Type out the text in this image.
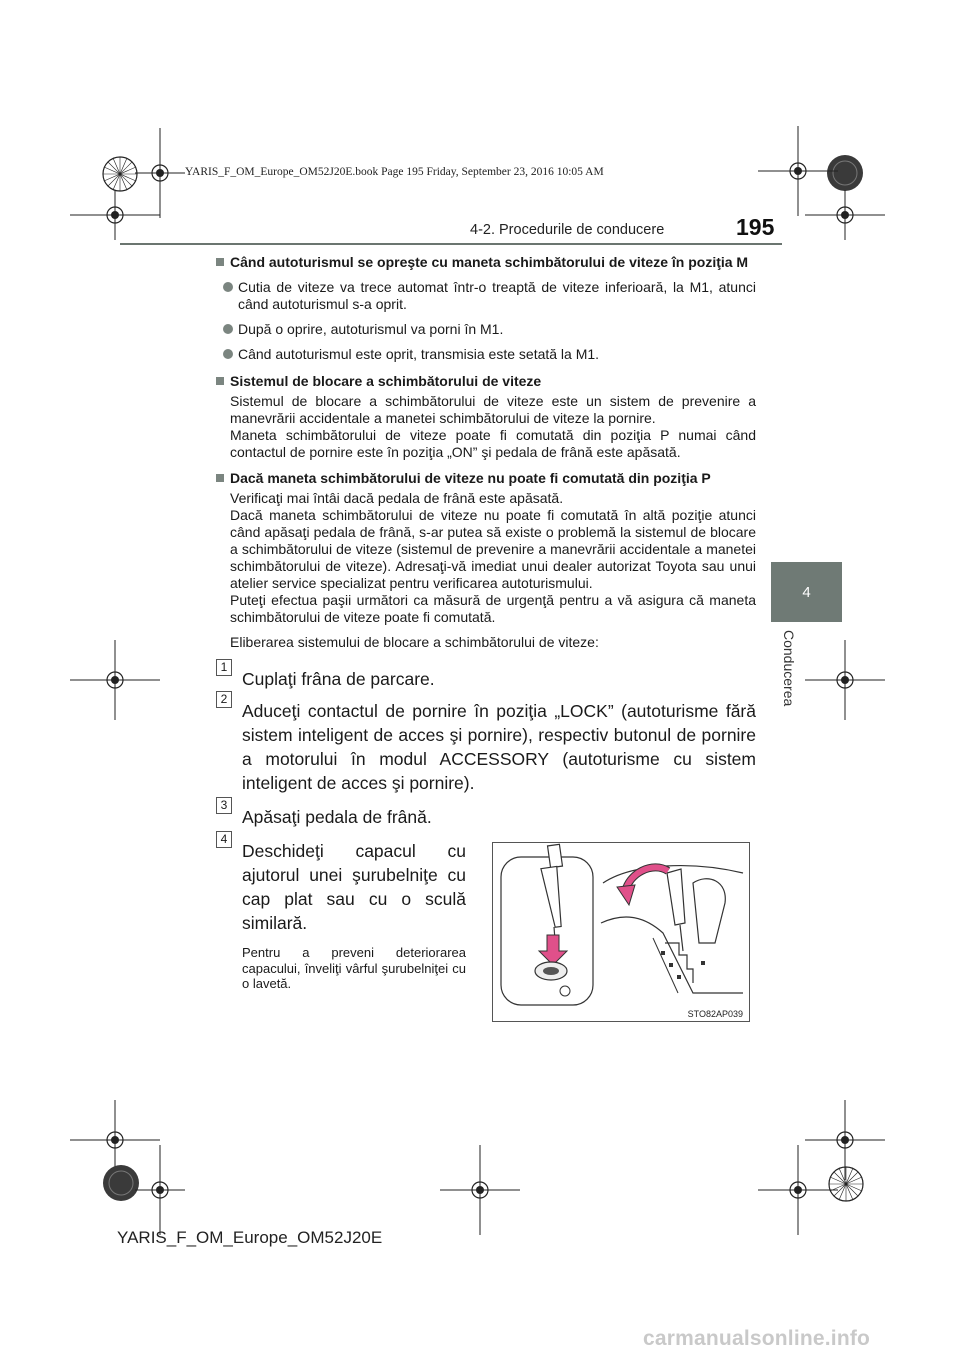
YARIS_F_OM_Europe_OM52J20E.book Page 195 Friday, September 23, 2016 10:05 AM
4-2. Procedurile de conducere	195
4
Conducerea
Când autoturismul se opreşte cu maneta schimbătorului de viteze în poziţia M
Cutia de viteze va trece automat într-o treaptă de viteze inferioară, la M1, atunci când autoturismul s-a oprit.
După o oprire, autoturismul va porni în M1.
Când autoturismul este oprit, transmisia este setată la M1.
Sistemul de blocare a schimbătorului de viteze
Sistemul de blocare a schimbătorului de viteze este un sistem de prevenire a manevrării accidentale a manetei schimbătorului de viteze la pornire.
Maneta schimbătorului de viteze poate fi comutată din poziţia P numai când contactul de pornire este în poziţia „ON” şi pedala de frână este apăsată.
Dacă maneta schimbătorului de viteze nu poate fi comutată din poziţia P
Verificaţi mai întâi dacă pedala de frână este apăsată.
Dacă maneta schimbătorului de viteze nu poate fi comutată în altă poziţie atunci când apăsaţi pedala de frână, s-ar putea să existe o problemă la sistemul de blocare a schimbătorului de viteze (sistemul de prevenire a manevrării accidentale a manetei schimbătorului de viteze). Adresaţi-vă imediat unui dealer autorizat Toyota sau unui atelier service specializat pentru verificarea autoturismului.
Puteţi efectua paşii următori ca măsură de urgenţă pentru a vă asigura că maneta schimbătorului de viteze poate fi comutată.
Eliberarea sistemului de blocare a schimbătorului de viteze:
1
Cuplaţi frâna de parcare.
2
Aduceţi contactul de pornire în poziţia „LOCK” (autoturisme fără sistem inteligent de acces şi pornire), respectiv butonul de pornire a motorului în modul ACCESSORY (autoturisme cu sistem inteligent de acces şi pornire).
3
Apăsaţi pedala de frână.
4
Deschideţi capacul cu ajutorul unei şurubelniţe cu cap plat sau cu o sculă similară.
Pentru a preveni deteriorarea capacului, înveliţi vârful şurubelniţei cu o lavetă.
STO82AP039
YARIS_F_OM_Europe_OM52J20E
carmanualsonline.info
